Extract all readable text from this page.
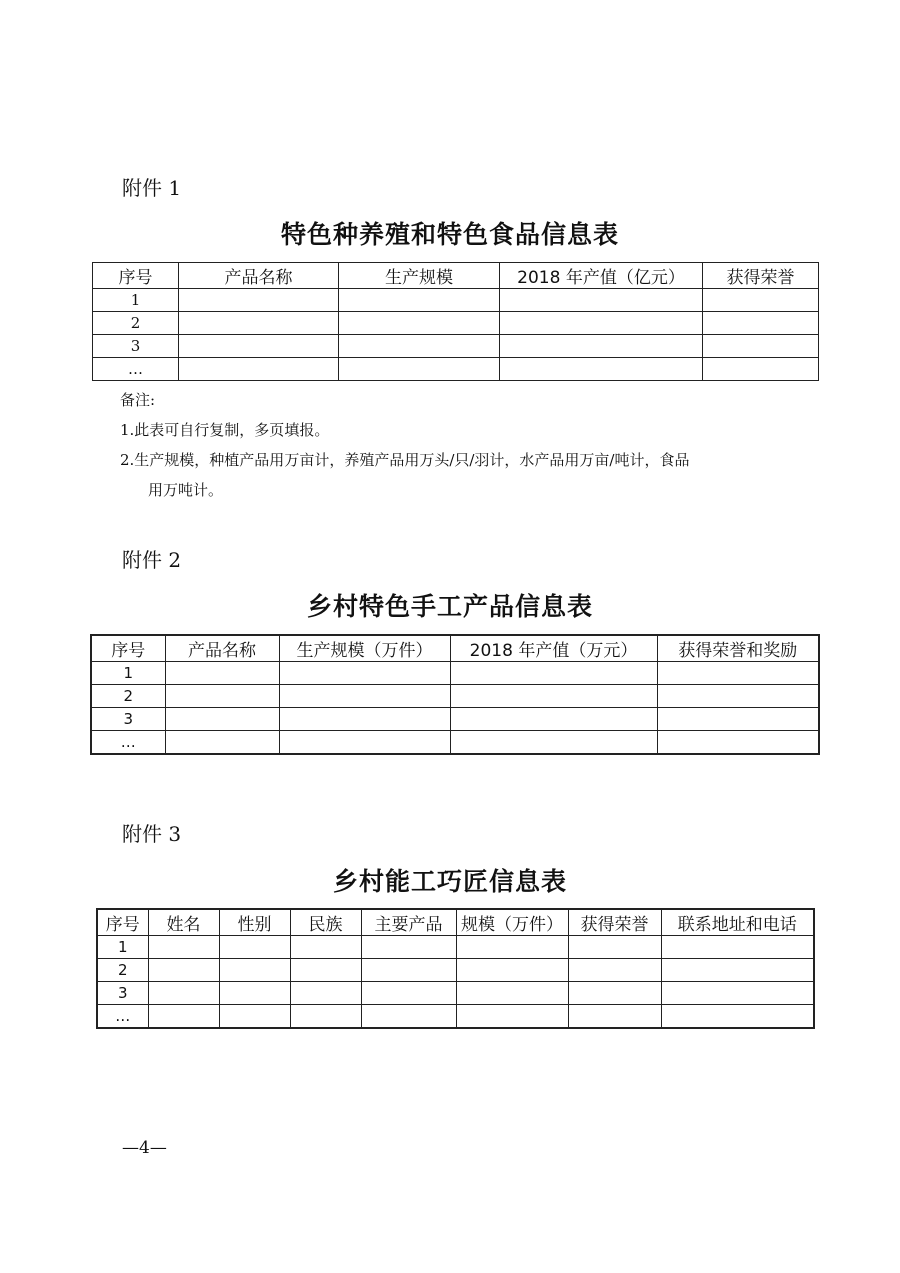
附件 1
特色种养殖和特色食品信息表
序号	产品名称	生产规模	2018 年产值（亿元）	获得荣誉
1				
2				
3				
…				

备注:

1.此表可自行复制，多页填报。

2.生产规模，种植产品用万亩计，养殖产品用万头/只/羽计，水产品用万亩/吨计，食品

用万吨计。

附件 2
乡村特色手工产品信息表
序号	产品名称	生产规模（万件）	2018 年产值（万元）	获得荣誉和奖励
1				
2				
3				
…				
附件 3
乡村能工巧匠信息表
序号	姓名	性别	民族	主要产品	规模（万件）	获得荣誉	联系地址和电话
1							
2							
3							
…							
—4—
